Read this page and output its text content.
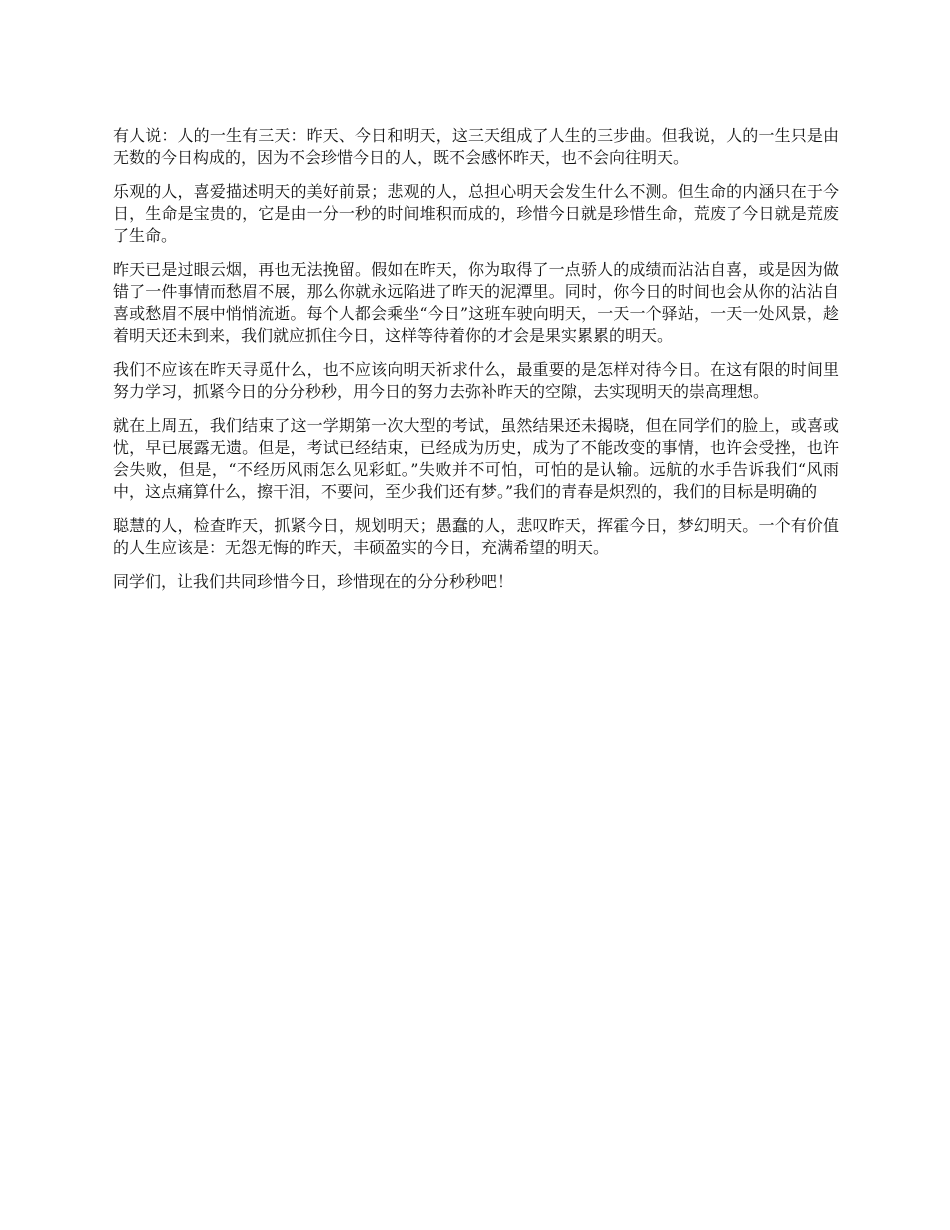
有人说：人的一生有三天：昨天、今日和明天，这三天组成了人生的三步曲。但我说，人的一生只是由无数的今日构成的，因为不会珍惜今日的人，既不会感怀昨天，也不会向往明天。

乐观的人，喜爱描述明天的美好前景；悲观的人，总担心明天会发生什么不测。但生命的内涵只在于今日，生命是宝贵的，它是由一分一秒的时间堆积而成的，珍惜今日就是珍惜生命，荒废了今日就是荒废了生命。

昨天已是过眼云烟，再也无法挽留。假如在昨天，你为取得了一点骄人的成绩而沾沾自喜，或是因为做错了一件事情而愁眉不展，那么你就永远陷进了昨天的泥潭里。同时，你今日的时间也会从你的沾沾自喜或愁眉不展中悄悄流逝。每个人都会乘坐“今日”这班车驶向明天，一天一个驿站，一天一处风景，趁着明天还未到来，我们就应抓住今日，这样等待着你的才会是果实累累的明天。

我们不应该在昨天寻觅什么，也不应该向明天祈求什么，最重要的是怎样对待今日。在这有限的时间里努力学习，抓紧今日的分分秒秒，用今日的努力去弥补昨天的空隙，去实现明天的崇高理想。

就在上周五，我们结束了这一学期第一次大型的考试，虽然结果还未揭晓，但在同学们的脸上，或喜或忧，早已展露无遗。但是，考试已经结束，已经成为历史，成为了不能改变的事情，也许会受挫，也许会失败，但是，“不经历风雨怎么见彩虹。”失败并不可怕，可怕的是认输。远航的水手告诉我们“风雨中，这点痛算什么，擦干泪，不要问，至少我们还有梦。”我们的青春是炽烈的，我们的目标是明确的

聪慧的人，检查昨天，抓紧今日，规划明天；愚蠢的人，悲叹昨天，挥霍今日，梦幻明天。一个有价值的人生应该是：无怨无悔的昨天，丰硕盈实的今日，充满希望的明天。

同学们，让我们共同珍惜今日，珍惜现在的分分秒秒吧！
